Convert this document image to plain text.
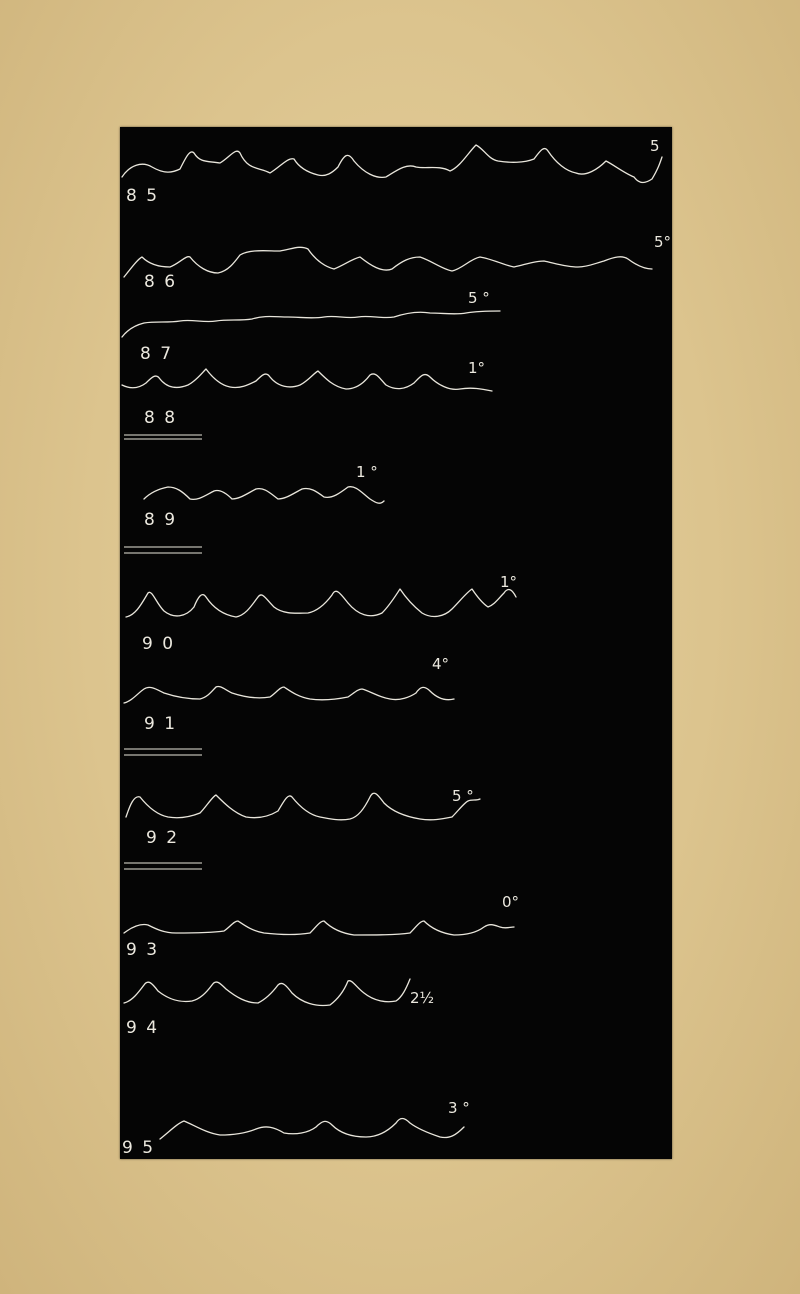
8 5
5
8 6
5°
8 7
5 °
8 8
1°
8 9
1 °
9 0
1°
9 1
4°
9 2
5 °
9 3
0°
9 4
2½
9 5
3 °
